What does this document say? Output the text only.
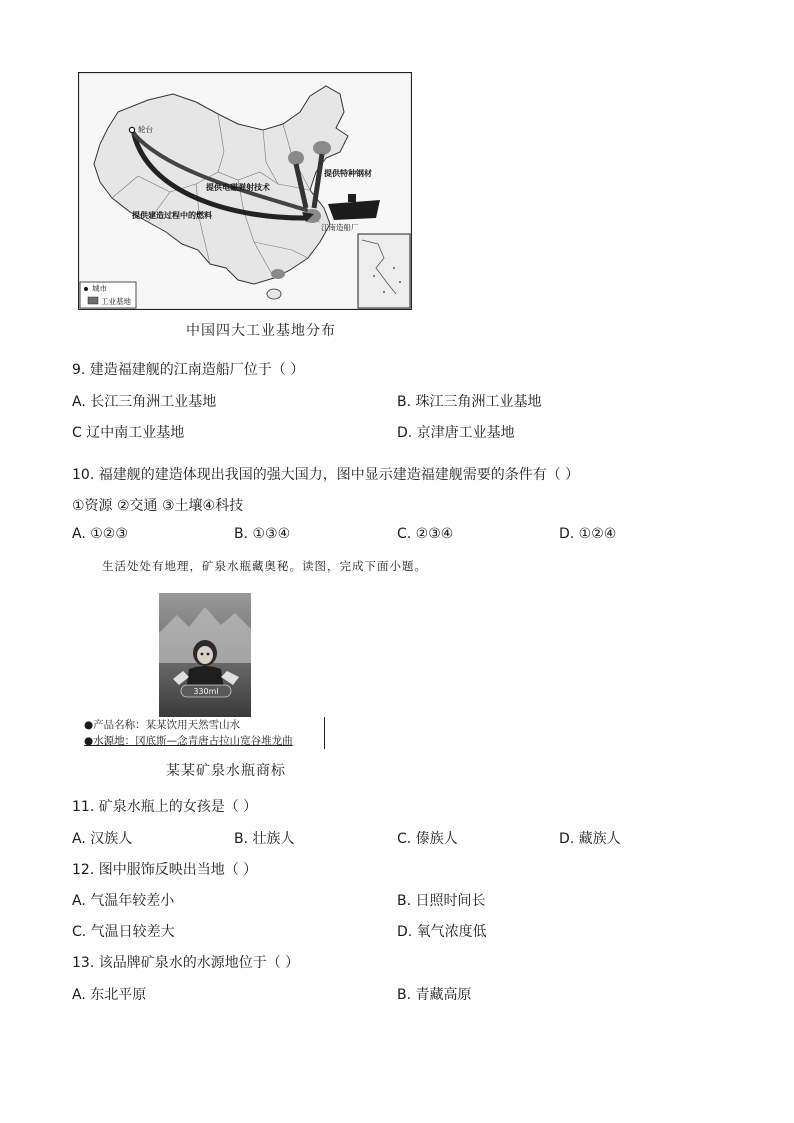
轮台
提供电磁弹射技术
提供建造过程中的燃料
提供特种钢材
江南造船厂
城市
工业基地
中国四大工业基地分布
9. 建造福建舰的江南造船厂位于（ ）
A. 长江三角洲工业基地	B. 珠江三角洲工业基地
C 辽中南工业基地	D. 京津唐工业基地
10. 福建舰的建造体现出我国的强大国力，图中显示建造福建舰需要的条件有（ ）
①资源 ②交通 ③土壤④科技
A. ①②③	B. ①③④	C. ②③④	D. ①②④
生活处处有地理，矿泉水瓶藏奥秘。读图，完成下面小题。
330ml
●产品名称：某某饮用天然雪山水
●水源地：冈底斯—念青唐古拉山宽谷堆龙曲
某某矿泉水瓶商标
11. 矿泉水瓶上的女孩是（ ）
A. 汉族人	B. 壮族人	C. 傣族人	D. 藏族人
12. 图中服饰反映出当地（ ）
A. 气温年较差小	B. 日照时间长
C. 气温日较差大	D. 氧气浓度低
13. 该品牌矿泉水的水源地位于（ ）
A. 东北平原	B. 青藏高原
